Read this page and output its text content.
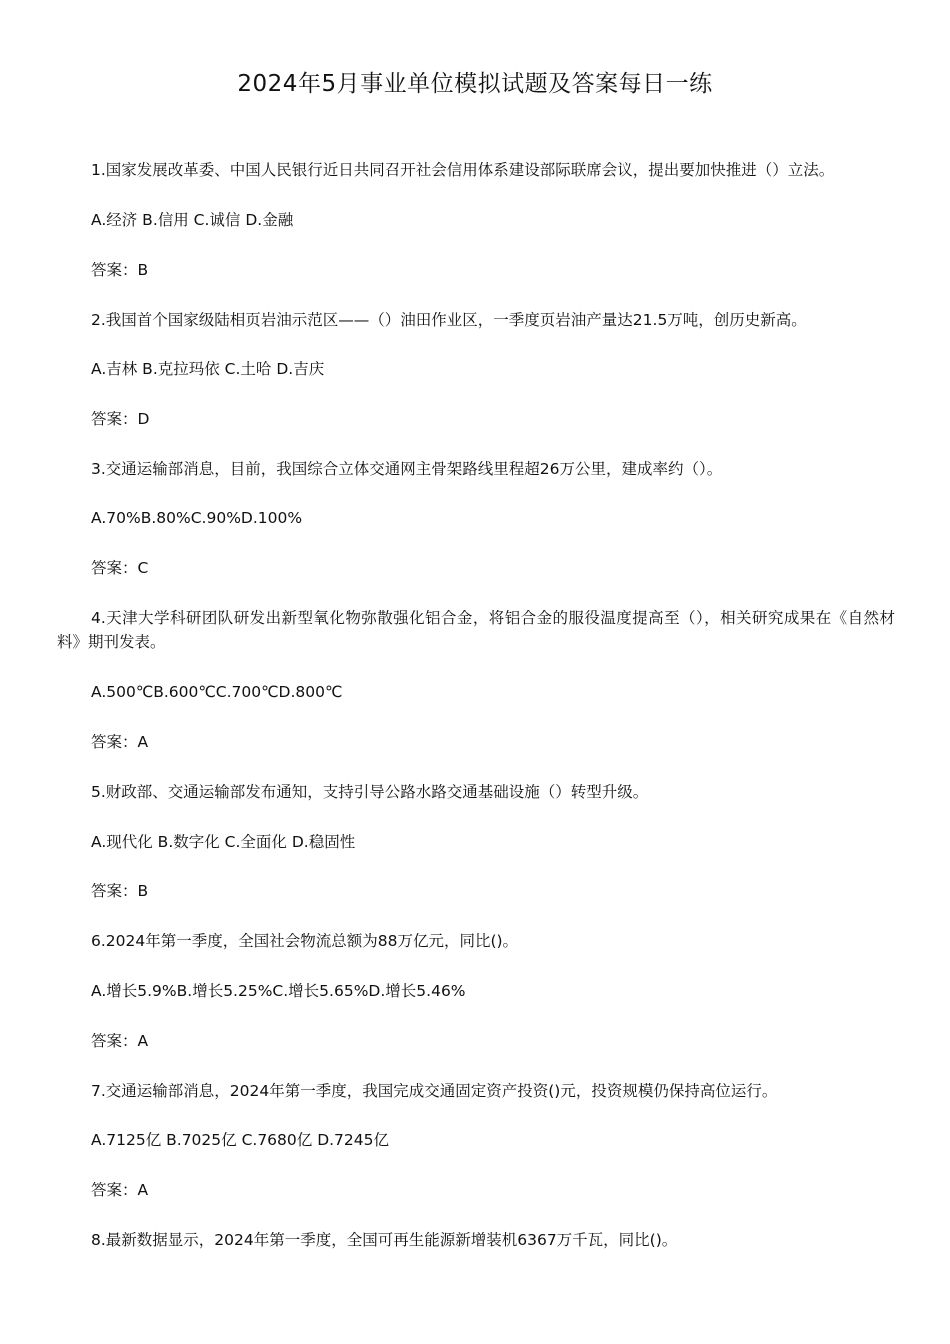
2024年5月事业单位模拟试题及答案每日一练
1.国家发展改革委、中国人民银行近日共同召开社会信用体系建设部际联席会议，提出要加快推进（）立法。
A.经济 B.信用 C.诚信 D.金融
答案：B
2.我国首个国家级陆相页岩油示范区——（）油田作业区，一季度页岩油产量达21.5万吨，创历史新高。
A.吉林 B.克拉玛依 C.土哈 D.吉庆
答案：D
3.交通运输部消息，目前，我国综合立体交通网主骨架路线里程超26万公里，建成率约（）。
A.70%B.80%C.90%D.100%
答案：C
4.天津大学科研团队研发出新型氧化物弥散强化铝合金，将铝合金的服役温度提高至（），相关研究成果在《自然材料》期刊发表。
A.500℃B.600℃C.700℃D.800℃
答案：A
5.财政部、交通运输部发布通知，支持引导公路水路交通基础设施（）转型升级。
A.现代化 B.数字化 C.全面化 D.稳固性
答案：B
6.2024年第一季度，全国社会物流总额为88万亿元，同比()。
A.增长5.9%B.增长5.25%C.增长5.65%D.增长5.46%
答案：A
7.交通运输部消息，2024年第一季度，我国完成交通固定资产投资()元，投资规模仍保持高位运行。
A.7125亿 B.7025亿 C.7680亿 D.7245亿
答案：A
8.最新数据显示，2024年第一季度，全国可再生能源新增装机6367万千瓦，同比()。
